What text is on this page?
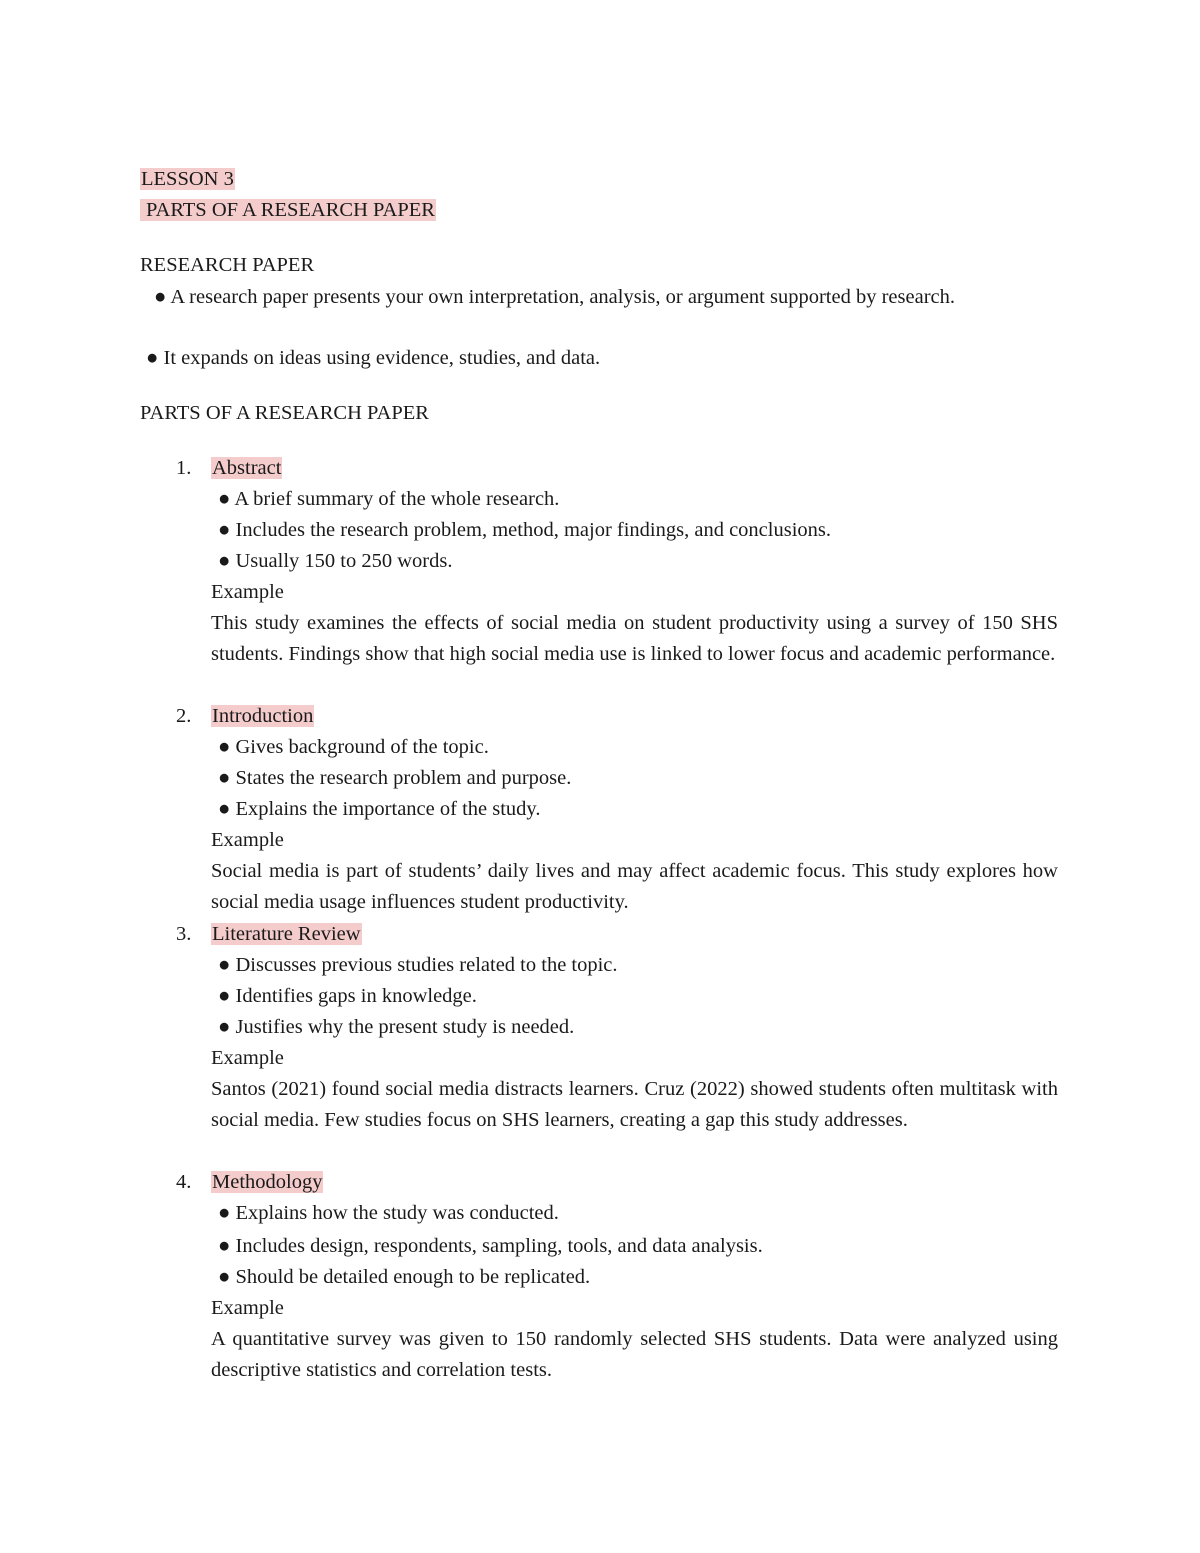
LESSON 3
PARTS OF A RESEARCH PAPER
RESEARCH PAPER
● A research paper presents your own interpretation, analysis, or argument supported by research.
● It expands on ideas using evidence, studies, and data.
PARTS OF A RESEARCH PAPER
1. Abstract
● A brief summary of the whole research.
● Includes the research problem, method, major findings, and conclusions.
● Usually 150 to 250 words.
Example
This study examines the effects of social media on student productivity using a survey of 150 SHS students. Findings show that high social media use is linked to lower focus and academic performance.
2. Introduction
● Gives background of the topic.
● States the research problem and purpose.
● Explains the importance of the study.
Example
Social media is part of students’ daily lives and may affect academic focus. This study explores how social media usage influences student productivity.
3. Literature Review
● Discusses previous studies related to the topic.
● Identifies gaps in knowledge.
● Justifies why the present study is needed.
Example
Santos (2021) found social media distracts learners. Cruz (2022) showed students often multitask with social media. Few studies focus on SHS learners, creating a gap this study addresses.
4. Methodology
● Explains how the study was conducted.
● Includes design, respondents, sampling, tools, and data analysis.
● Should be detailed enough to be replicated.
Example
A quantitative survey was given to 150 randomly selected SHS students. Data were analyzed using descriptive statistics and correlation tests.
